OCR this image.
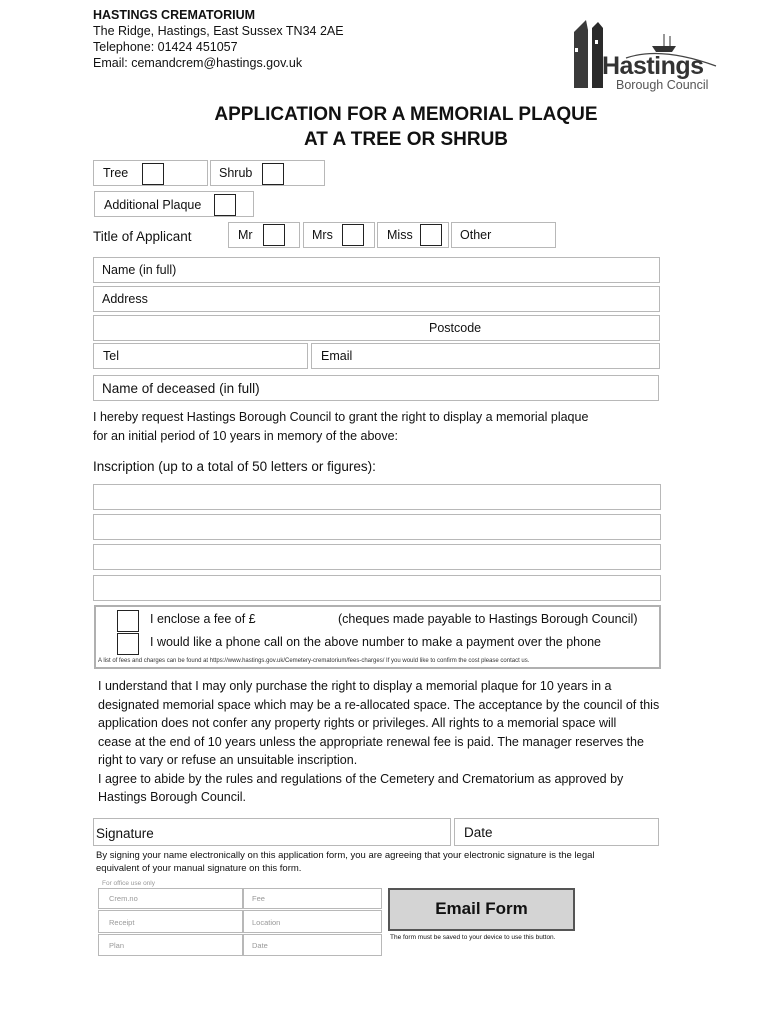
HASTINGS CREMATORIUM
The Ridge, Hastings, East Sussex TN34 2AE
Telephone: 01424 451057
Email: cemandcrem@hastings.gov.uk	Hastings
Borough Council
APPLICATION FOR A MEMORIAL PLAQUE
AT A TREE OR SHRUB
Tree	Shrub
Additional Plaque
Title of Applicant	Mr	Mrs	Miss	Other
Name (in full)
Address
Postcode
Tel	Email
Name of deceased (in full)
I hereby request Hastings Borough Council to grant the right to display a memorial plaque
for an initial period of 10 years in memory of the above:
Inscription (up to a total of 50 letters or figures):
I enclose a fee of £	(cheques made payable to Hastings Borough Council)
I would like a phone call on the above number to make a payment over the phone
A list of fees and charges can be found at https://www.hastings.gov.uk/Cemetery-crematorium/fees-charges/ If you would like to confirm the cost please contact us.
I understand that I may only purchase the right to display a memorial plaque for 10 years in a
designated memorial space which may be a re-allocated space. The acceptance by the council of this
application does not confer any property rights or privileges. All rights to a memorial space will
cease at the end of 10 years unless the appropriate renewal fee is paid. The manager reserves the
right to vary or refuse an unsuitable inscription.
I agree to abide by the rules and regulations of the Cemetery and Crematorium as approved by
Hastings Borough Council.
Signature	Date
By signing your name electronically on this application form, you are agreeing that your electronic signature is the legal
equivalent of your manual signature on this form.
For office use only
Crem.no	Fee
Receipt	Location
Plan	Date
Email Form
The form must be saved to your device to use this button.
